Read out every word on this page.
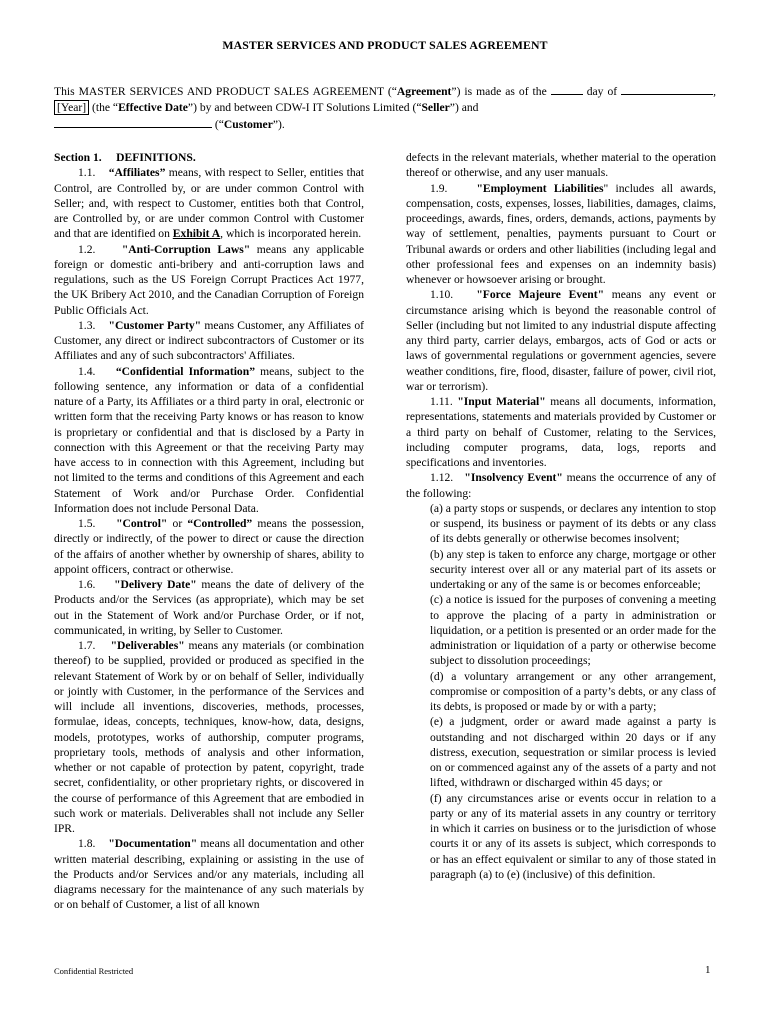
MASTER SERVICES AND PRODUCT SALES AGREEMENT
This MASTER SERVICES AND PRODUCT SALES AGREEMENT (“Agreement”) is made as of the	day of	, [Year] (the “Effective Date”) by and between CDW-I IT Solutions Limited (“Seller”) and
(“Customer”).

Section 1. DEFINITIONS.

1.1. “Affiliates” means, with respect to Seller, entities that Control, are Controlled by, or are under common Control with Seller; and, with respect to Customer, entities both that Control, are Controlled by, or are under common Control with Customer and that are identified on Exhibit A, which is incorporated herein.

1.2. "Anti-Corruption Laws" means any applicable foreign or domestic anti-bribery and anti-corruption laws and regulations, such as the US Foreign Corrupt Practices Act 1977, the UK Bribery Act 2010, and the Canadian Corruption of Foreign Public Officials Act.

1.3. "Customer Party" means Customer, any Affiliates of Customer, any direct or indirect subcontractors of Customer or its Affiliates and any of such subcontractors' Affiliates.

1.4. “Confidential Information” means, subject to the following sentence, any information or data of a confidential nature of a Party, its Affiliates or a third party in oral, electronic or written form that the receiving Party knows or has reason to know is proprietary or confidential and that is disclosed by a Party in connection with this Agreement or that the receiving Party may have access to in connection with this Agreement, including but not limited to the terms and conditions of this Agreement and each Statement of Work and/or Purchase Order. Confidential Information does not include Personal Data.

1.5. "Control" or “Controlled” means the possession, directly or indirectly, of the power to direct or cause the direction of the affairs of another whether by ownership of shares, ability to appoint officers, contract or otherwise.

1.6. "Delivery Date" means the date of delivery of the Products and/or the Services (as appropriate), which may be set out in the Statement of Work and/or Purchase Order, or if not, communicated, in writing, by Seller to Customer.

1.7. "Deliverables" means any materials (or combination thereof) to be supplied, provided or produced as specified in the relevant Statement of Work by or on behalf of Seller, individually or jointly with Customer, in the performance of the Services and will include all inventions, discoveries, methods, processes, formulae, ideas, concepts, techniques, know-how, data, designs, models, prototypes, works of authorship, computer programs, proprietary tools, methods of analysis and other information, whether or not capable of protection by patent, copyright, trade secret, confidentiality, or other proprietary rights, or discovered in the course of performance of this Agreement that are embodied in such work or materials. Deliverables shall not include any Seller IPR.

1.8. "Documentation" means all documentation and other written material describing, explaining or assisting in the use of the Products and/or Services and/or any materials, including all diagrams necessary for the maintenance of any such materials by or on behalf of Customer, a list of all known

defects in the relevant materials, whether material to the operation thereof or otherwise, and any user manuals.

1.9.	"Employment Liabilities" includes all awards, compensation, costs, expenses, losses, liabilities, damages, claims, proceedings, awards, fines, orders, demands, actions, payments by way of settlement, penalties, payments pursuant to Court or Tribunal awards or orders and other liabilities (including legal and other professional fees and expenses on an indemnity basis) whenever or howsoever arising or brought.

1.10. "Force Majeure Event" means any event or circumstance arising which is beyond the reasonable control of Seller (including but not limited to any industrial dispute affecting any third party, carrier delays, embargos, acts of God or acts or laws of governmental regulations or government agencies, severe weather conditions, fire, flood, disaster, failure of power, civil riot, war or terrorism).

1.11. "Input Material" means all documents, information, representations, statements and materials provided by Customer or a third party on behalf of Customer, relating to the Services, including computer programs, data, logs, reports and specifications and inventories.

1.12. "Insolvency Event" means the occurrence of any of the following:

(a) a party stops or suspends, or declares any intention to stop or suspend, its business or payment of its debts or any class of its debts generally or otherwise becomes insolvent;

(b) any step is taken to enforce any charge, mortgage or other security interest over all or any material part of its assets or undertaking or any of the same is or becomes enforceable;

(c) a notice is issued for the purposes of convening a meeting to approve the placing of a party in administration or liquidation, or a petition is presented or an order made for the administration or liquidation of a party or otherwise become subject to dissolution proceedings;

(d) a voluntary arrangement or any other arrangement, compromise or composition of a party’s debts, or any class of its debts, is proposed or made by or with a party;

(e) a judgment, order or award made against a party is outstanding and not discharged within 20 days or if any distress, execution, sequestration or similar process is levied on or commenced against any of the assets of a party and not lifted, withdrawn or discharged within 45 days; or

(f) any circumstances arise or events occur in relation to a party or any of its material assets in any country or territory in which it carries on business or to the jurisdiction of whose courts it or any of its assets is subject, which corresponds to or has an effect equivalent or similar to any of those stated in paragraph (a) to (e) (inclusive) of this definition.

Confidential Restricted	1
